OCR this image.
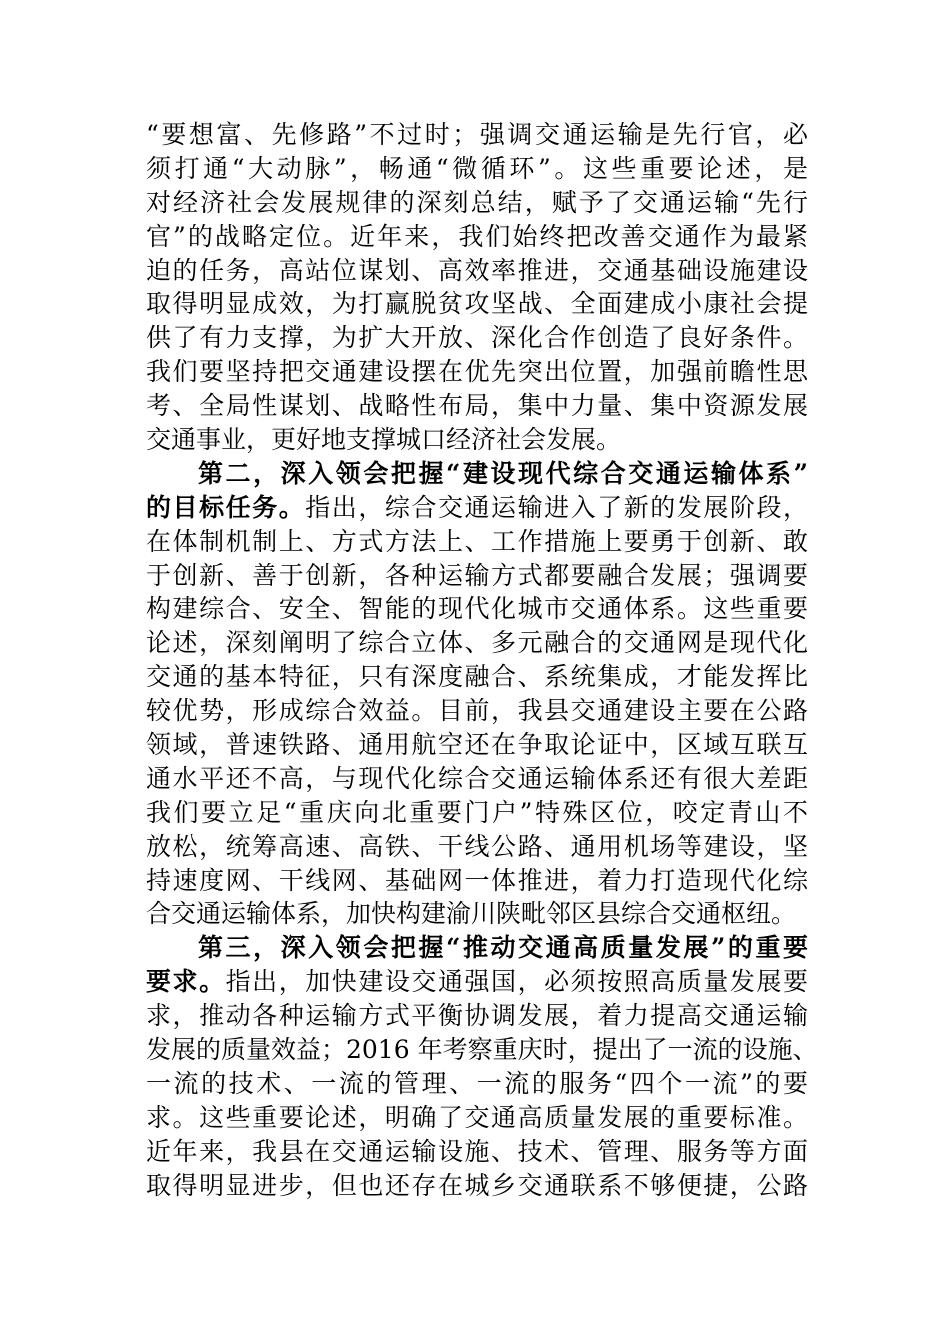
“要想富、先修路”不过时；强调交通运输是先行官，必
须打通“大动脉”，畅通“微循环”。这些重要论述，是
对经济社会发展规律的深刻总结，赋予了交通运输“先行
官”的战略定位。近年来，我们始终把改善交通作为最紧
迫的任务，高站位谋划、高效率推进，交通基础设施建设
取得明显成效，为打赢脱贫攻坚战、全面建成小康社会提
供了有力支撑，为扩大开放、深化合作创造了良好条件。
我们要坚持把交通建设摆在优先突出位置，加强前瞻性思
考、全局性谋划、战略性布局，集中力量、集中资源发展
交通事业，更好地支撑城口经济社会发展。
第二，深入领会把握“建设现代综合交通运输体系”
的目标任务。指出，综合交通运输进入了新的发展阶段，
在体制机制上、方式方法上、工作措施上要勇于创新、敢
于创新、善于创新，各种运输方式都要融合发展；强调要
构建综合、安全、智能的现代化城市交通体系。这些重要
论述，深刻阐明了综合立体、多元融合的交通网是现代化
交通的基本特征，只有深度融合、系统集成，才能发挥比
较优势，形成综合效益。目前，我县交通建设主要在公路
领域，普速铁路、通用航空还在争取论证中，区域互联互
通水平还不高，与现代化综合交通运输体系还有很大差距
我们要立足“重庆向北重要门户”特殊区位，咬定青山不
放松，统筹高速、高铁、干线公路、通用机场等建设，坚
持速度网、干线网、基础网一体推进，着力打造现代化综
合交通运输体系，加快构建渝川陕毗邻区县综合交通枢纽。
第三，深入领会把握“推动交通高质量发展”的重要
要求。指出，加快建设交通强国，必须按照高质量发展要
求，推动各种运输方式平衡协调发展，着力提高交通运输
发展的质量效益；2016 年考察重庆时，提出了一流的设施、
一流的技术、一流的管理、一流的服务“四个一流”的要
求。这些重要论述，明确了交通高质量发展的重要标准。
近年来，我县在交通运输设施、技术、管理、服务等方面
取得明显进步，但也还存在城乡交通联系不够便捷，公路
